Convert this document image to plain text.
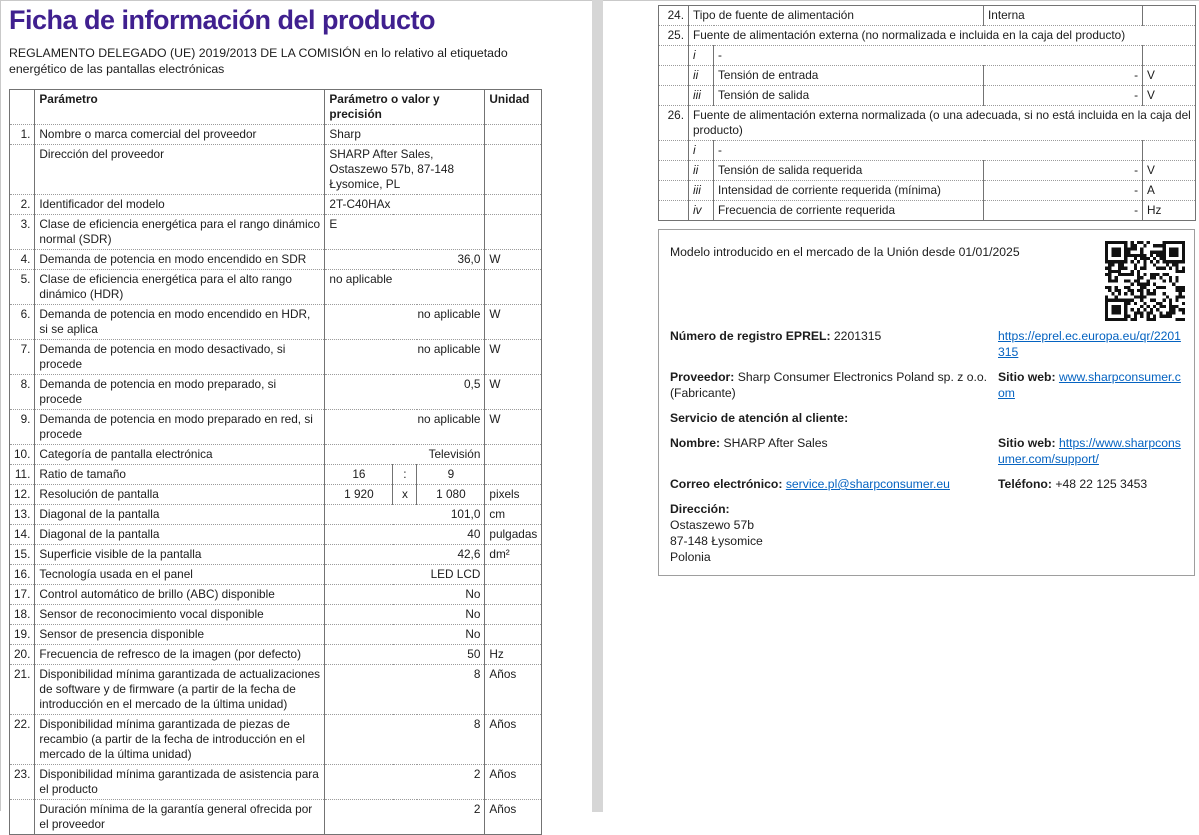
Ficha de información del producto

REGLAMENTO DELEGADO (UE) 2019/2013 DE LA COMISIÓN en lo relativo al etiquetado energético de las pantallas electrónicas

	Parámetro	Parámetro o valor y precisión			Unidad
1.	Nombre o marca comercial del proveedor	Sharp			
	Dirección del proveedor	SHARP After Sales, Ostaszewo 57b, 87-148 Łysomice, PL			
2.	Identificador del modelo	2T-C40HAx			
3.	Clase de eficiencia energética para el rango dinámico normal (SDR)	E			
4.	Demanda de potencia en modo encendido en SDR	36,0			W
5.	Clase de eficiencia energética para el alto rango dinámico (HDR)	no aplicable			
6.	Demanda de potencia en modo encendido en HDR, si se aplica	no aplicable			W
7.	Demanda de potencia en modo desactivado, si procede	no aplicable			W
8.	Demanda de potencia en modo preparado, si procede	0,5			W
9.	Demanda de potencia en modo preparado en red, si procede	no aplicable			W
10.	Categoría de pantalla electrónica	Televisión			
11.	Ratio de tamaño	16	:	9	
12.	Resolución de pantalla	1 920	x	1 080	pixels
13.	Diagonal de la pantalla	101,0			cm
14.	Diagonal de la pantalla	40			pulgadas
15.	Superficie visible de la pantalla	42,6			dm²
16.	Tecnología usada en el panel	LED LCD			
17.	Control automático de brillo (ABC) disponible	No			
18.	Sensor de reconocimiento vocal disponible	No			
19.	Sensor de presencia disponible	No			
20.	Frecuencia de refresco de la imagen (por defecto)	50			Hz
21.	Disponibilidad mínima garantizada de actualizaciones de software y de firmware (a partir de la fecha de introducción en el mercado de la última unidad)	8			Años
22.	Disponibilidad mínima garantizada de piezas de recambio (a partir de la fecha de introducción en el mercado de la última unidad)	8			Años
23.	Disponibilidad mínima garantizada de asistencia para el producto	2			Años
	Duración mínima de la garantía general ofrecida por el proveedor	2			Años
24.	Tipo de fuente de alimentación		Interna	
25.	Fuente de alimentación externa (no normalizada e incluida en la caja del producto)			
	i	-		
	ii	Tensión de entrada	-	V
	iii	Tensión de salida	-	V
26.	Fuente de alimentación externa normalizada (o una adecuada, si no está incluida en la caja del producto)			
	i	-		
	ii	Tensión de salida requerida	-	V
	iii	Intensidad de corriente requerida (mínima)	-	A
	iv	Frecuencia de corriente requerida	-	Hz

Modelo introducido en el mercado de la Unión desde 01/01/2025

Número de registro EPREL: 2201315	https://eprel.ec.europa.eu/qr/2201315
Proveedor: Sharp Consumer Electronics Poland sp. z o.o. (Fabricante)
Sitio web: www.sharpconsumer.com
Servicio de atención al cliente:
Nombre: SHARP After Sales	Sitio web: https://www.sharpconsumer.com/support/
Correo electrónico: service.pl@sharpconsumer.eu	Teléfono: +48 22 125 3453
Dirección:
Ostaszewo 57b
87-148 Łysomice
Polonia
